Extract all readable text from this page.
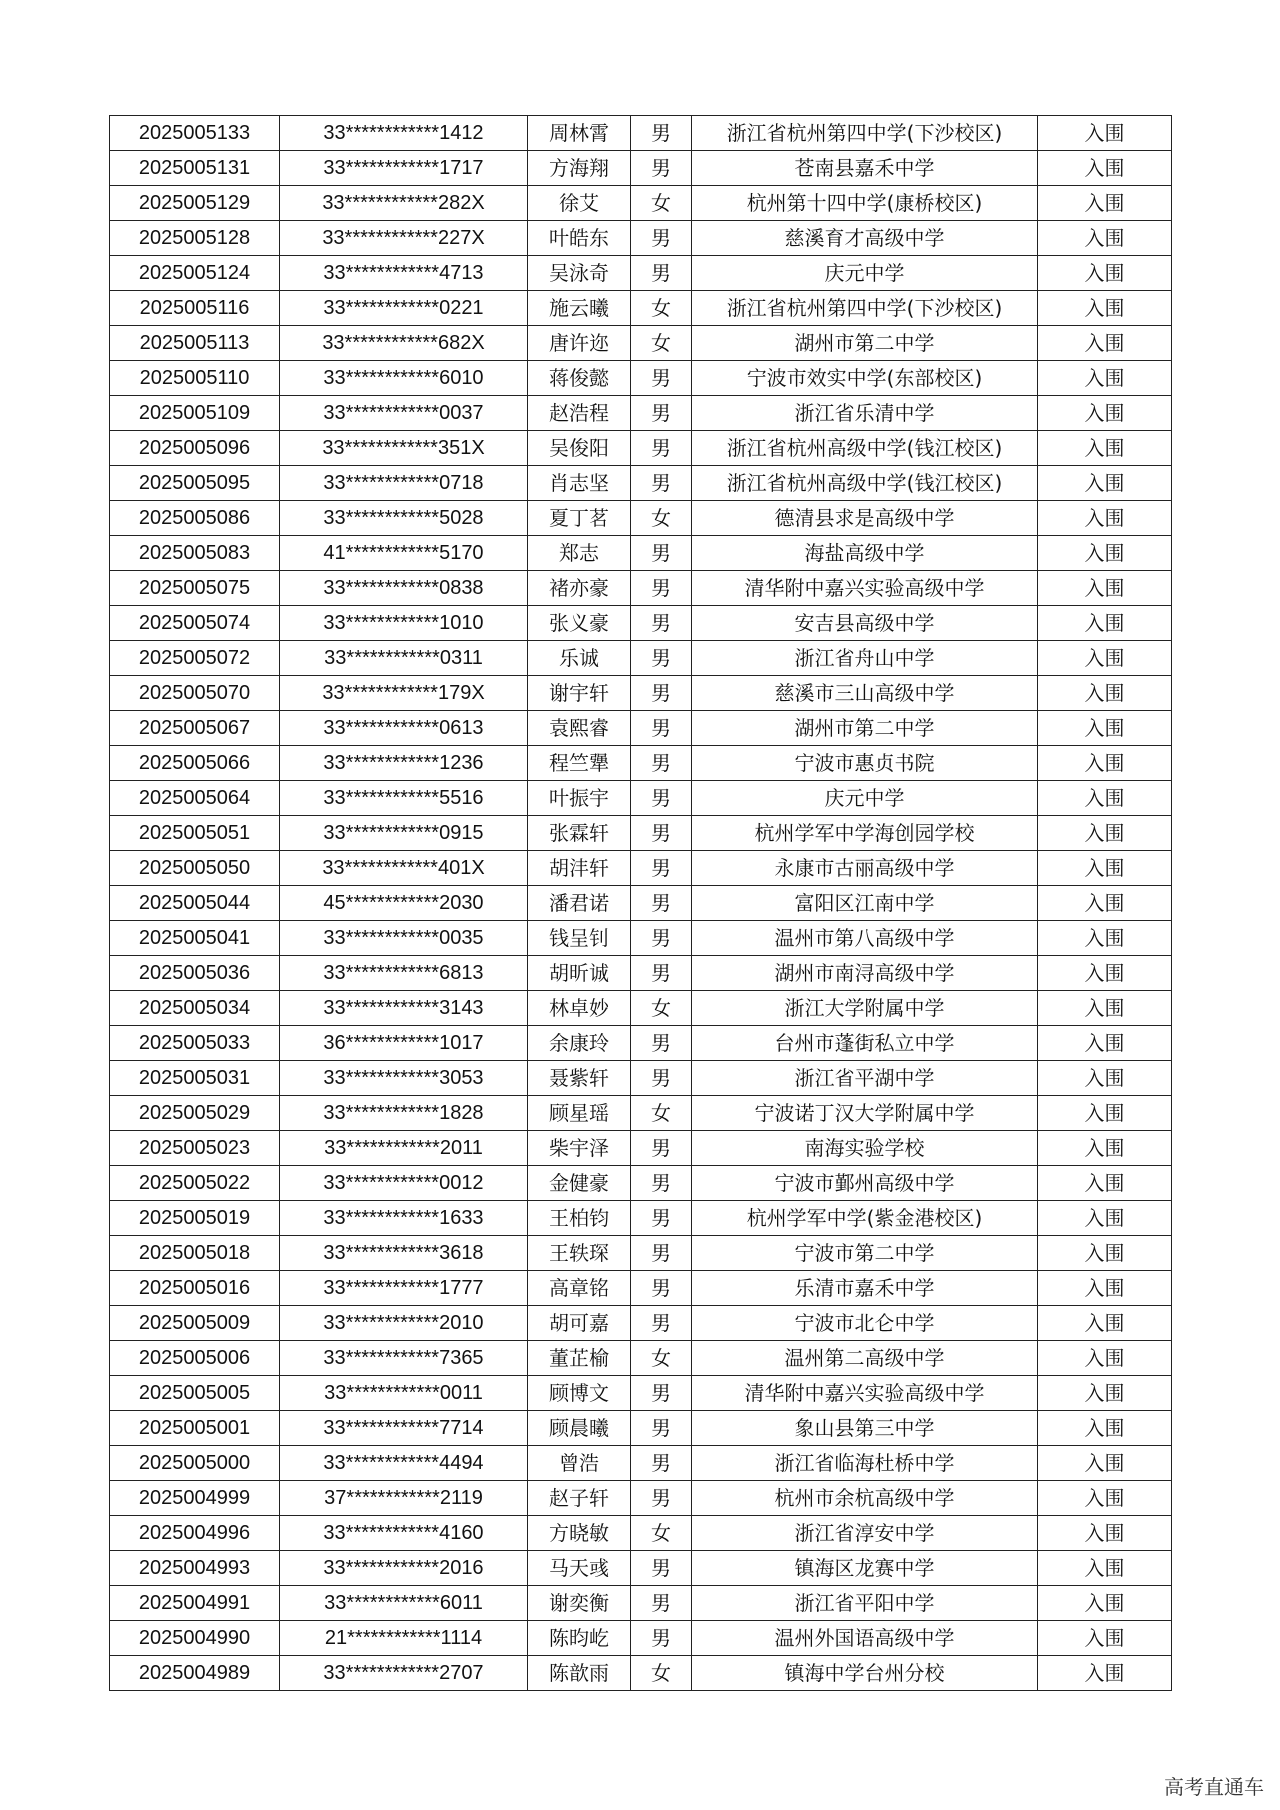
2025005133	33************1412	周林霄	男	浙江省杭州第四中学(下沙校区)	入围
2025005131	33************1717	方海翔	男	苍南县嘉禾中学	入围
2025005129	33************282X	徐艾	女	杭州第十四中学(康桥校区)	入围
2025005128	33************227X	叶皓东	男	慈溪育才高级中学	入围
2025005124	33************4713	吴泳奇	男	庆元中学	入围
2025005116	33************0221	施云曦	女	浙江省杭州第四中学(下沙校区)	入围
2025005113	33************682X	唐许迩	女	湖州市第二中学	入围
2025005110	33************6010	蒋俊懿	男	宁波市效实中学(东部校区)	入围
2025005109	33************0037	赵浩程	男	浙江省乐清中学	入围
2025005096	33************351X	吴俊阳	男	浙江省杭州高级中学(钱江校区)	入围
2025005095	33************0718	肖志坚	男	浙江省杭州高级中学(钱江校区)	入围
2025005086	33************5028	夏丁茗	女	德清县求是高级中学	入围
2025005083	41************5170	郑志	男	海盐高级中学	入围
2025005075	33************0838	褚亦豪	男	清华附中嘉兴实验高级中学	入围
2025005074	33************1010	张义豪	男	安吉县高级中学	入围
2025005072	33************0311	乐诚	男	浙江省舟山中学	入围
2025005070	33************179X	谢宇轩	男	慈溪市三山高级中学	入围
2025005067	33************0613	袁熙睿	男	湖州市第二中学	入围
2025005066	33************1236	程竺犟	男	宁波市惠贞书院	入围
2025005064	33************5516	叶振宇	男	庆元中学	入围
2025005051	33************0915	张霖轩	男	杭州学军中学海创园学校	入围
2025005050	33************401X	胡沣轩	男	永康市古丽高级中学	入围
2025005044	45************2030	潘君诺	男	富阳区江南中学	入围
2025005041	33************0035	钱呈钊	男	温州市第八高级中学	入围
2025005036	33************6813	胡昕诚	男	湖州市南浔高级中学	入围
2025005034	33************3143	林卓妙	女	浙江大学附属中学	入围
2025005033	36************1017	余康玲	男	台州市蓬街私立中学	入围
2025005031	33************3053	聂紫轩	男	浙江省平湖中学	入围
2025005029	33************1828	顾星瑶	女	宁波诺丁汉大学附属中学	入围
2025005023	33************2011	柴宇泽	男	南海实验学校	入围
2025005022	33************0012	金健豪	男	宁波市鄞州高级中学	入围
2025005019	33************1633	王柏钧	男	杭州学军中学(紫金港校区)	入围
2025005018	33************3618	王轶琛	男	宁波市第二中学	入围
2025005016	33************1777	高章铭	男	乐清市嘉禾中学	入围
2025005009	33************2010	胡可嘉	男	宁波市北仑中学	入围
2025005006	33************7365	董芷榆	女	温州第二高级中学	入围
2025005005	33************0011	顾博文	男	清华附中嘉兴实验高级中学	入围
2025005001	33************7714	顾晨曦	男	象山县第三中学	入围
2025005000	33************4494	曾浩	男	浙江省临海杜桥中学	入围
2025004999	37************2119	赵子轩	男	杭州市余杭高级中学	入围
2025004996	33************4160	方晓敏	女	浙江省淳安中学	入围
2025004993	33************2016	马天彧	男	镇海区龙赛中学	入围
2025004991	33************6011	谢奕衡	男	浙江省平阳中学	入围
2025004990	21************1114	陈昀屹	男	温州外国语高级中学	入围
2025004989	33************2707	陈歆雨	女	镇海中学台州分校	入围
高考直通车
